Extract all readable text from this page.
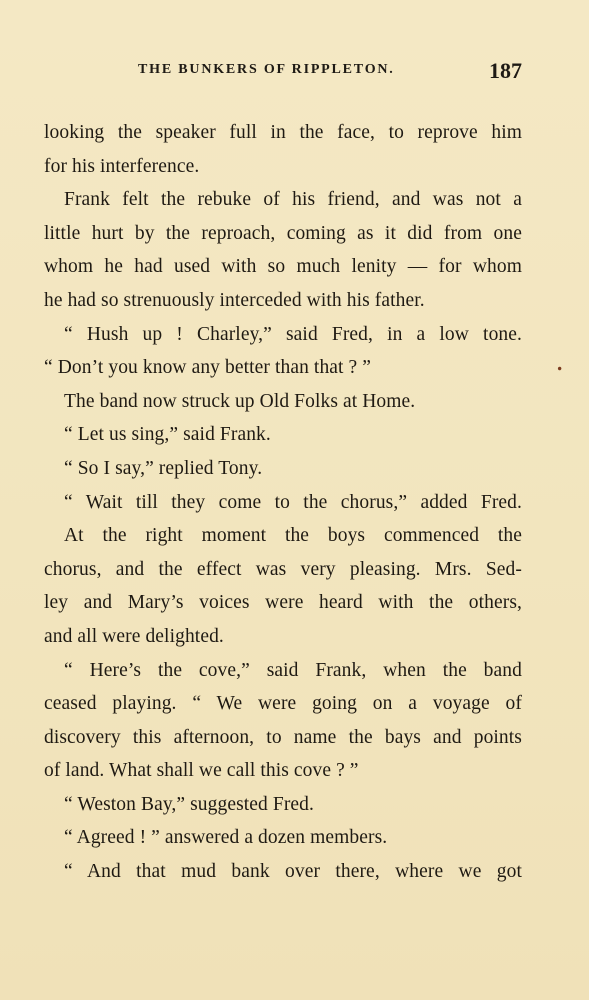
THE BUNKERS OF RIPPLETON.	187
looking the speaker full in the face, to reprove him
for his interference.
Frank felt the rebuke of his friend, and was not a
little hurt by the reproach, coming as it did from one
whom he had used with so much lenity — for whom
he had so strenuously interceded with his father.
“ Hush up ! Charley,” said Fred, in a low tone.
“ Don’t you know any better than that ? ”
The band now struck up Old Folks at Home.
“ Let us sing,” said Frank.
“ So I say,” replied Tony.
“ Wait till they come to the chorus,” added Fred.
At the right moment the boys commenced the
chorus, and the effect was very pleasing. Mrs. Sed-
ley and Mary’s voices were heard with the others,
and all were delighted.
“ Here’s the cove,” said Frank, when the band
ceased playing. “ We were going on a voyage of
discovery this afternoon, to name the bays and points
of land. What shall we call this cove ? ”
“ Weston Bay,” suggested Fred.
“ Agreed ! ” answered a dozen members.
“ And that mud bank over there, where we got
•
